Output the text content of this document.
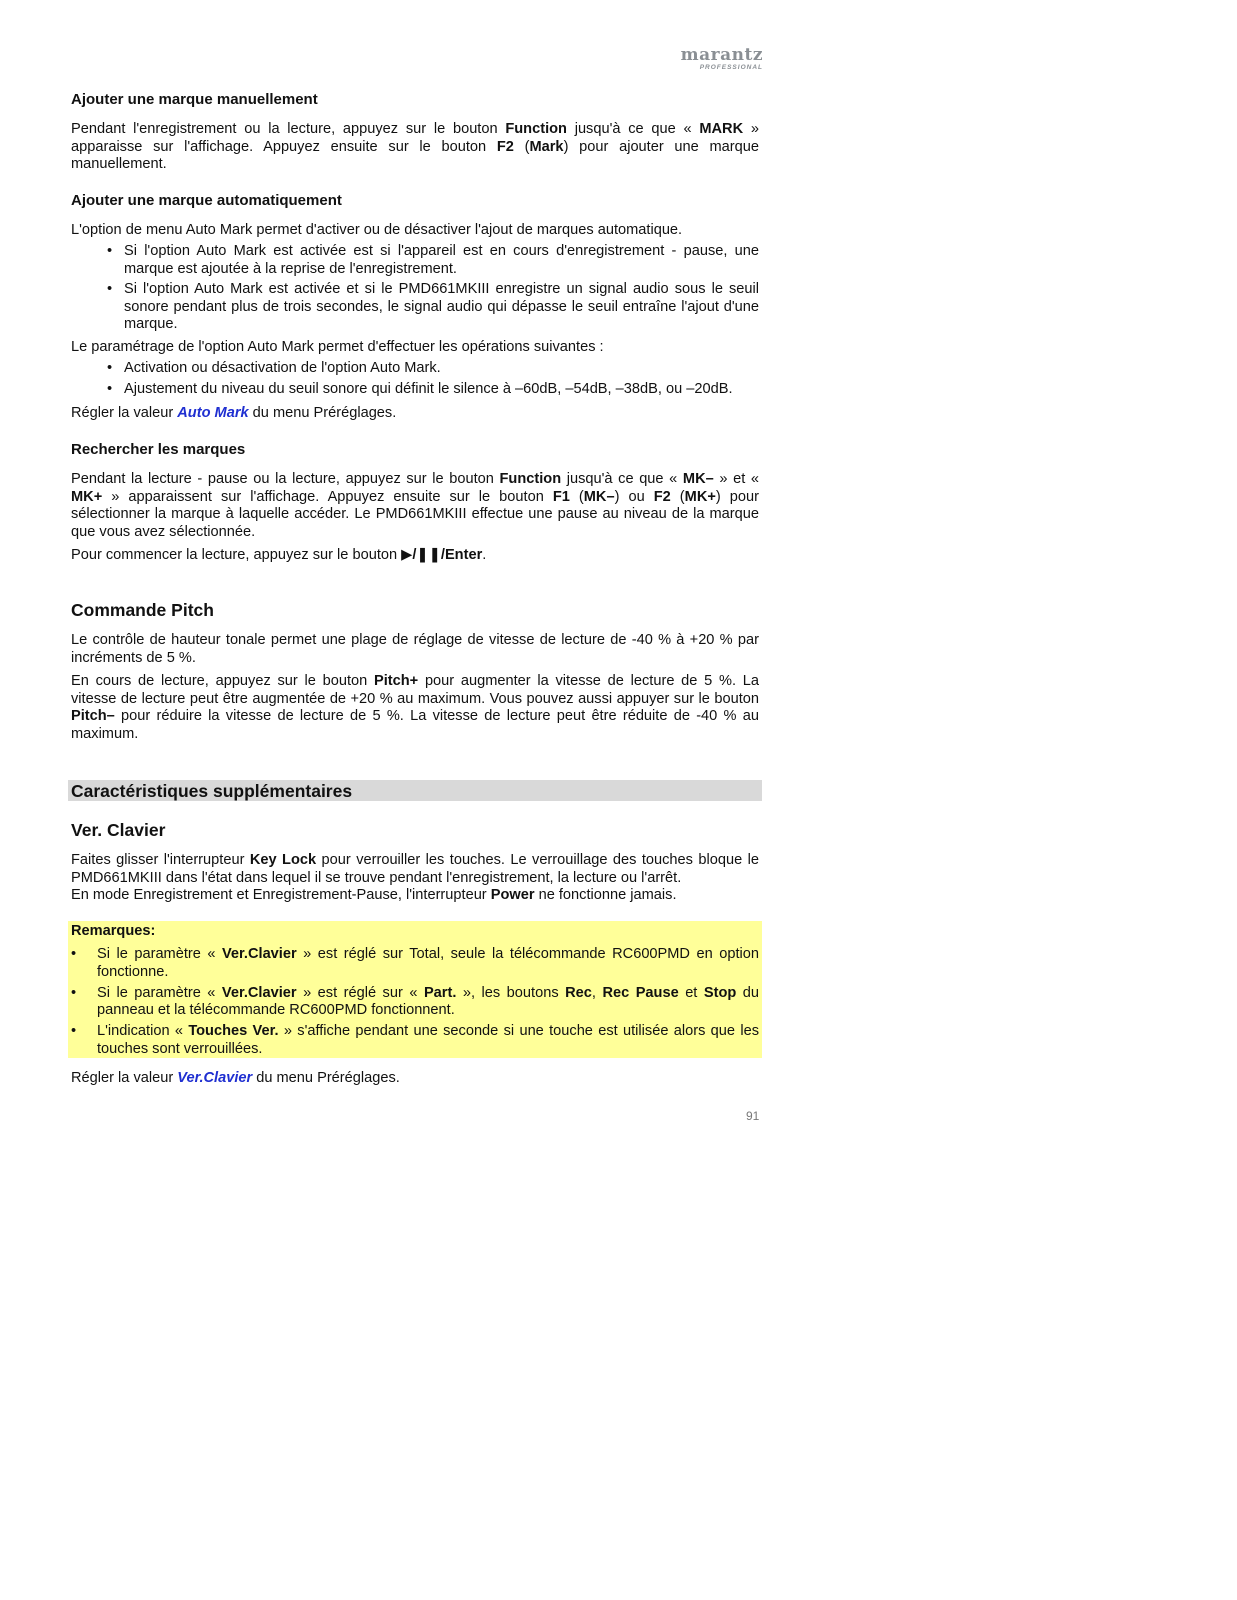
marantz
PROFESSIONAL
Ajouter une marque manuellement
Pendant l'enregistrement ou la lecture, appuyez sur le bouton Function jusqu'à ce que « MARK » apparaisse sur l'affichage. Appuyez ensuite sur le bouton F2 (Mark) pour ajouter une marque manuellement.
Ajouter une marque automatiquement
L'option de menu Auto Mark permet d'activer ou de désactiver l'ajout de marques automatique.
• Si l'option Auto Mark est activée est si l'appareil est en cours d'enregistrement - pause, une marque est ajoutée à la reprise de l'enregistrement.
• Si l'option Auto Mark est activée et si le PMD661MKIII enregistre un signal audio sous le seuil sonore pendant plus de trois secondes, le signal audio qui dépasse le seuil entraîne l'ajout d'une marque.
Le paramétrage de l'option Auto Mark permet d'effectuer les opérations suivantes :
• Activation ou désactivation de l'option Auto Mark.
• Ajustement du niveau du seuil sonore qui définit le silence à –60dB, –54dB, –38dB, ou –20dB.
Régler la valeur Auto Mark du menu Préréglages.
Rechercher les marques
Pendant la lecture - pause ou la lecture, appuyez sur le bouton Function jusqu'à ce que « MK– » et « MK+ » apparaissent sur l'affichage. Appuyez ensuite sur le bouton F1 (MK–) ou F2 (MK+) pour sélectionner la marque à laquelle accéder. Le PMD661MKIII effectue une pause au niveau de la marque que vous avez sélectionnée.
Pour commencer la lecture, appuyez sur le bouton ▶/❚❚/Enter.
Commande Pitch
Le contrôle de hauteur tonale permet une plage de réglage de vitesse de lecture de -40 % à +20 % par incréments de 5 %.
En cours de lecture, appuyez sur le bouton Pitch+ pour augmenter la vitesse de lecture de 5 %. La vitesse de lecture peut être augmentée de +20 % au maximum. Vous pouvez aussi appuyer sur le bouton Pitch– pour réduire la vitesse de lecture de 5 %. La vitesse de lecture peut être réduite de -40 % au maximum.
Caractéristiques supplémentaires
Ver. Clavier
Faites glisser l'interrupteur Key Lock pour verrouiller les touches. Le verrouillage des touches bloque le PMD661MKIII dans l'état dans lequel il se trouve pendant l'enregistrement, la lecture ou l'arrêt.
En mode Enregistrement et Enregistrement-Pause, l'interrupteur Power ne fonctionne jamais.
Remarques:
• Si le paramètre « Ver.Clavier » est réglé sur Total, seule la télécommande RC600PMD en option fonctionne.
• Si le paramètre « Ver.Clavier » est réglé sur « Part. », les boutons Rec, Rec Pause et Stop du panneau et la télécommande RC600PMD fonctionnent.
• L'indication « Touches Ver. » s'affiche pendant une seconde si une touche est utilisée alors que les touches sont verrouillées.
Régler la valeur Ver.Clavier du menu Préréglages.
91
